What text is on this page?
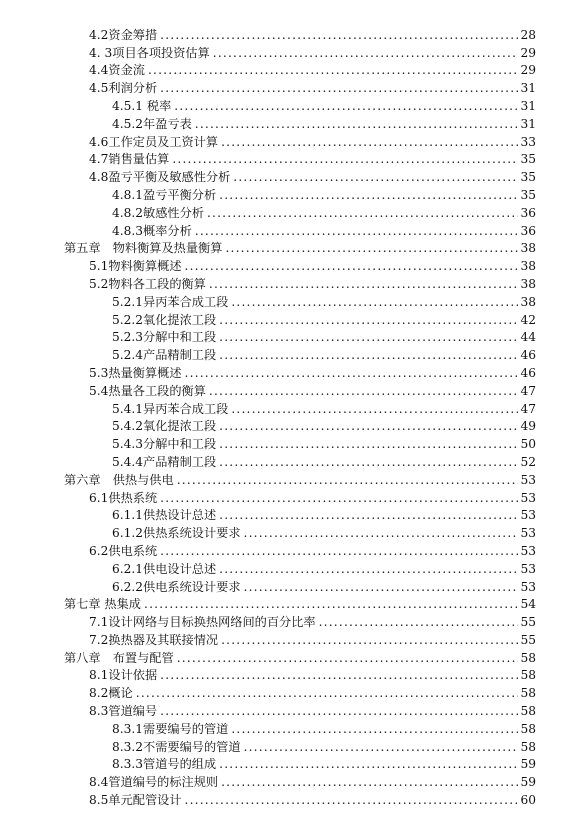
4.2资金筹措 .....	28
4. 3项目各项投资估算 .....	29
4.4资金流 .....	29
4.5利润分析 .....	31
4.5.1 税率 .....	31
4.5.2年盈亏表 .....	31
4.6工作定员及工资计算 .....	33
4.7销售量估算 .....	35
4.8盈亏平衡及敏感性分析 .....	35
4.8.1盈亏平衡分析 .....	35
4.8.2敏感性分析 .....	36
4.8.3概率分析 .....	36
第五章　物料衡算及热量衡算 .....	38
5.1物料衡算概述 .....	38
5.2物料各工段的衡算 .....	38
5.2.1异丙苯合成工段 .....	38
5.2.2氧化提浓工段 .....	42
5.2.3分解中和工段 .....	44
5.2.4产品精制工段 .....	46
5.3热量衡算概述 .....	46
5.4热量各工段的衡算 .....	47
5.4.1异丙苯合成工段 .....	47
5.4.2氧化提浓工段 .....	49
5.4.3分解中和工段 .....	50
5.4.4产品精制工段 .....	52
第六章　供热与供电 .....	53
6.1供热系统 .....	53
6.1.1供热设计总述 .....	53
6.1.2供热系统设计要求 .....	53
6.2供电系统 .....	53
6.2.1供电设计总述 .....	53
6.2.2供电系统设计要求 .....	53
第七章 热集成 .....	54
7.1设计网络与目标换热网络间的百分比率 .....	55
7.2换热器及其联接情况 .....	55
第八章　布置与配管 .....	58
8.1设计依据 .....	58
8.2概论 .....	58
8.3管道编号 .....	58
8.3.1需要编号的管道 .....	58
8.3.2不需要编号的管道 .....	58
8.3.3管道号的组成 .....	59
8.4管道编号的标注规则 .....	59
8.5单元配管设计 .....	60
